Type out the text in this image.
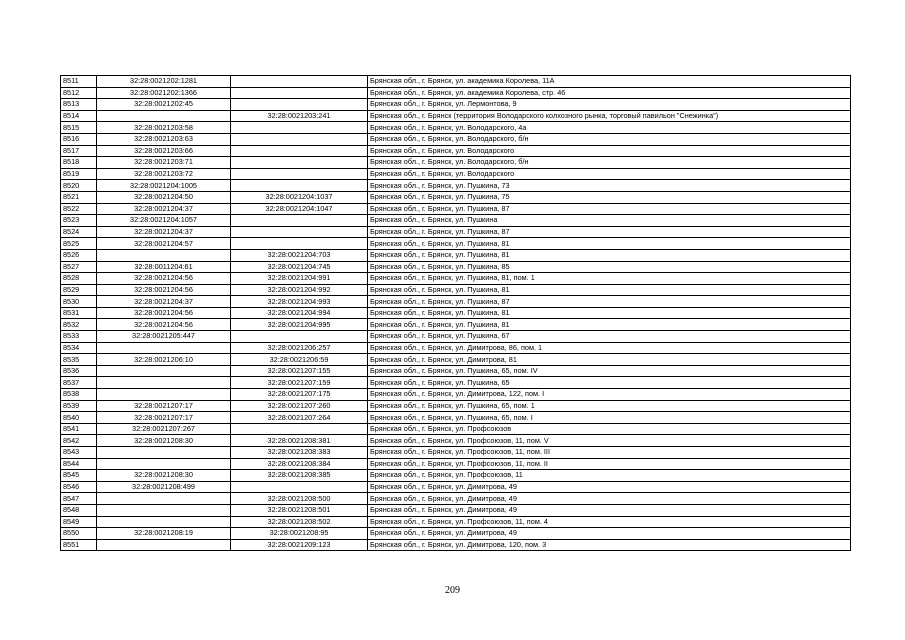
8511	32:28:0021202:1281		Брянская обл., г. Брянск, ул. академика Королева, 11А
8512	32:28:0021202:1366		Брянская обл., г. Брянск, ул. академика Королева, стр. 46
8513	32:28:0021202:45		Брянская обл., г. Брянск, ул. Лермонтова, 9
8514		32:28:0021203:241	Брянская обл., г. Брянск (территория Володарского колхозного рынка, торговый павильон "Снежинка")
8515	32:28:0021203:58		Брянская обл., г. Брянск, ул. Володарского, 4а
8516	32:28:0021203:63		Брянская обл., г. Брянск, ул. Володарского, б/н
8517	32:28:0021203:66		Брянская обл., г. Брянск, ул. Володарского
8518	32:28:0021203:71		Брянская обл., г. Брянск, ул. Володарского, б/н
8519	32:28:0021203:72		Брянская обл., г. Брянск, ул. Володарского
8520	32:28:0021204:1005		Брянская обл., г. Брянск, ул. Пушкина, 73
8521	32:28:0021204:50	32:28:0021204:1037	Брянская обл., г. Брянск, ул. Пушкина, 75
8522	32:28:0021204:37	32:28:0021204:1047	Брянская обл., г. Брянск, ул. Пушкина, 87
8523	32:28:0021204:1057		Брянская обл., г. Брянск, ул. Пушкина
8524	32:28:0021204:37		Брянская обл., г. Брянск, ул. Пушкина, 87
8525	32:28:0021204:57		Брянская обл., г. Брянск, ул. Пушкина, 81
8526		32:28:0021204:703	Брянская обл., г. Брянск, ул. Пушкина, 81
8527	32:28:0011204:61	32:28:0021204:745	Брянская обл., г. Брянск, ул. Пушкина, 85
8528	32:28:0021204:56	32:28:0021204:991	Брянская обл., г. Брянск, ул. Пушкина, 81, пом. 1
8529	32:28:0021204:56	32:28:0021204:992	Брянская обл., г. Брянск, ул. Пушкина, 81
8530	32:28:0021204:37	32:28:0021204:993	Брянская обл., г. Брянск, ул. Пушкина, 87
8531	32:28:0021204:56	32:28:0021204:994	Брянская обл., г. Брянск, ул. Пушкина, 81
8532	32:28:0021204:56	32:28:0021204:995	Брянская обл., г. Брянск, ул. Пушкина, 81
8533	32:28:0021205:447		Брянская обл., г. Брянск, ул. Пушкина, 67
8534		32:28:0021206:257	Брянская обл., г. Брянск, ул. Димитрова, 86, пом. 1
8535	32:28:0021206:10	32:28:0021206:59	Брянская обл., г. Брянск, ул. Димитрова, 81
8536		32:28:0021207:155	Брянская обл., г. Брянск, ул. Пушкина, 65, пом. IV
8537		32:28:0021207:159	Брянская обл., г. Брянск, ул. Пушкина, 65
8538		32:28:0021207:175	Брянская обл., г. Брянск, ул. Димитрова, 122, пом. I
8539	32:28:0021207:17	32:28:0021207:260	Брянская обл., г. Брянск, ул. Пушкина, 65, пом. 1
8540	32:28:0021207:17	32:28:0021207:264	Брянская обл., г. Брянск, ул. Пушкина, 65, пом. I
8541	32:28:0021207:267		Брянская обл., г. Брянск, ул. Профсоюзов
8542	32:28:0021208:30	32:28:0021208:381	Брянская обл., г. Брянск, ул. Профсоюзов, 11, пом. V
8543		32:28:0021208:383	Брянская обл., г. Брянск, ул. Профсоюзов, 11, пом. III
8544		32:28:0021208:384	Брянская обл., г. Брянск, ул. Профсоюзов, 11, пом. II
8545	32:28:0021208:30	32:28:0021208:385	Брянская обл., г. Брянск, ул. Профсоюзов, 11
8546	32:28:0021208:499		Брянская обл., г. Брянск, ул. Димитрова, 49
8547		32:28:0021208:500	Брянская обл., г. Брянск, ул. Димитрова, 49
8548		32:28:0021208:501	Брянская обл., г. Брянск, ул. Димитрова, 49
8549		32:28:0021208:502	Брянская обл., г. Брянск, ул. Профсоюзов, 11, пом. 4
8550	32:28:0021208:19	32:28:0021208:95	Брянская обл., г. Брянск, ул. Димитрова, 49
8551		32:28:0021209:123	Брянская обл., г. Брянск, ул. Димитрова, 120, пом. 3
209
